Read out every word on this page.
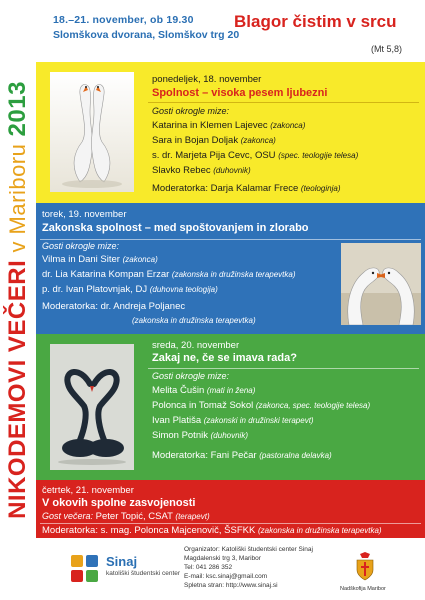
NIKODEMOVI VEČERI v Mariboru 2013
18.–21. november, ob 19.30
Slomškova dvorana, Slomškov trg 20
Blagor čistim v srcu
(Mt 5,8)
ponedeljek, 18. november
Spolnost – visoka pesem ljubezni
Gosti okrogle mize:
Katarina in Klemen Lajevec (zakonca)
Sara in Bojan Doljak (zakonca)
s. dr. Marjeta Pija Cevc, OSU (spec. teologije telesa)
Slavko Rebec (duhovnik)
Moderatorka: Darja Kalamar Frece (teologinja)
torek, 19. november
Zakonska spolnost – med spoštovanjem in zlorabo
Gosti okrogle mize:
Vilma in Dani Siter (zakonca)
dr. Lia Katarina Kompan Erzar (zakonska in družinska terapevtka)
p. dr. Ivan Platovnjak, DJ (duhovna teologija)
Moderatorka: dr. Andreja Poljanec
(zakonska in družinska terapevtka)
sreda, 20. november
Zakaj ne, če se imava rada?
Gosti okrogle mize:
Melita Čušin (mati in žena)
Polonca in Tomaž Sokol (zakonca, spec. teologije telesa)
Ivan Platiša (zakonski in družinski terapevt)
Simon Potnik (duhovnik)
Moderatorka: Fani Pečar (pastoralna delavka)
četrtek, 21. november
V okovih spolne zasvojenosti
Gost večera: Peter Topić, CSAT (terapevt)
Moderatorka: s. mag. Polonca Majcenovič, ŠSFKK (zakonska in družinska terapevtka)
Sinaj
katoliški študentski center
Organizator: Katoliški študentski center Sinaj
Magdalenski trg 3, Maribor
Tel: 041 286 352
E-mail: ksc.sinaj@gmail.com
Spletna stran: http://www.sinaj.si	Nadškofija Maribor
